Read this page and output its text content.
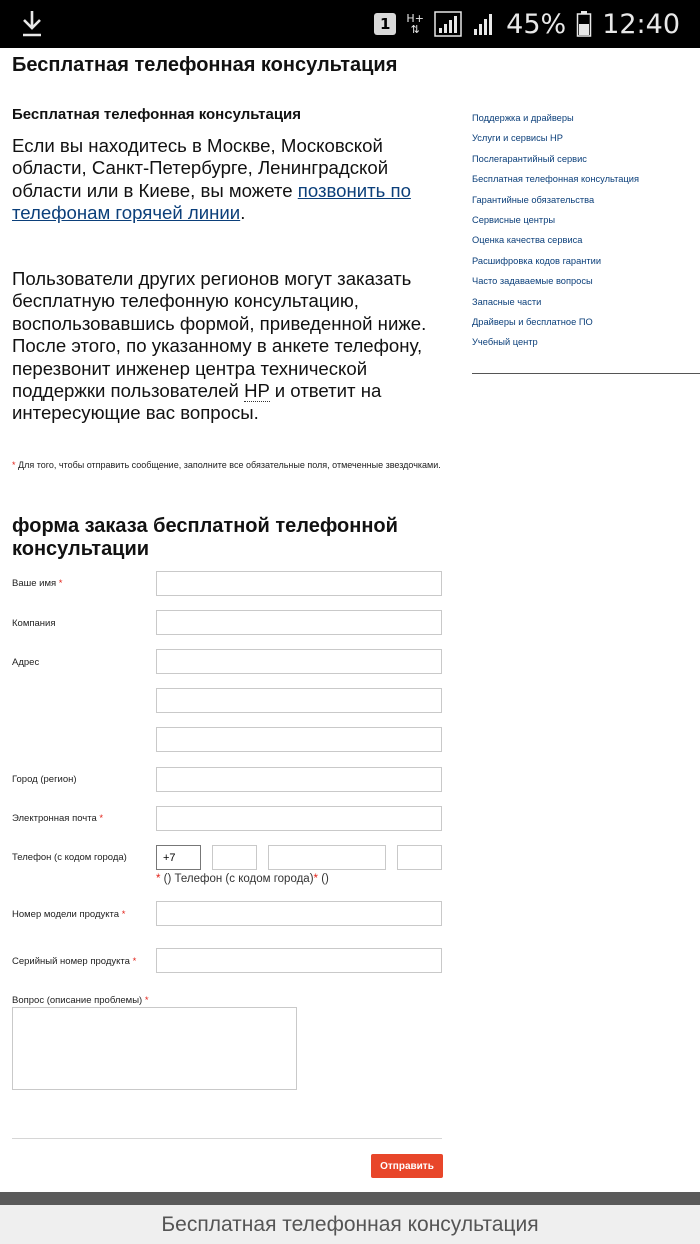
1	H+
⇅	45% 12:40
Бесплатная телефонная консультация
Бесплатная телефонная консультация

Если вы находитесь в Москве, Московской области, Санкт-Петербурге, Ленинградской области или в Киеве, вы можете позвонить по телефонам горячей линии.

Пользователи других регионов могут заказать бесплатную телефонную консультацию, воспользовавшись формой, приведенной ниже. После этого, по указанному в анкете телефону, перезвонит инженер центра технической поддержки пользователей HP и ответит на интересующие вас вопросы.

* Для того, чтобы отправить сообщение, заполните все обязательные поля, отмеченные звездочками.

форма заказа бесплатной телефонной консультации
Ваше имя *
Компания
Адрес
Город (регион)
Электронная почта *
Телефон (с кодом города)
+7
* () Телефон (с кодом города)* ()
Номер модели продукта *
Серийный номер продукта *
Вопрос (описание проблемы) *
Отправить
Поддержка и драйверы
Услуги и сервисы HP
Послегарантийный сервис
Бесплатная телефонная консультация
Гарантийные обязательства
Сервисные центры
Оценка качества сервиса
Расшифровка кодов гарантии
Часто задаваемые вопросы
Запасные части
Драйверы и бесплатное ПО
Учебный центр
Бесплатная телефонная консультация
